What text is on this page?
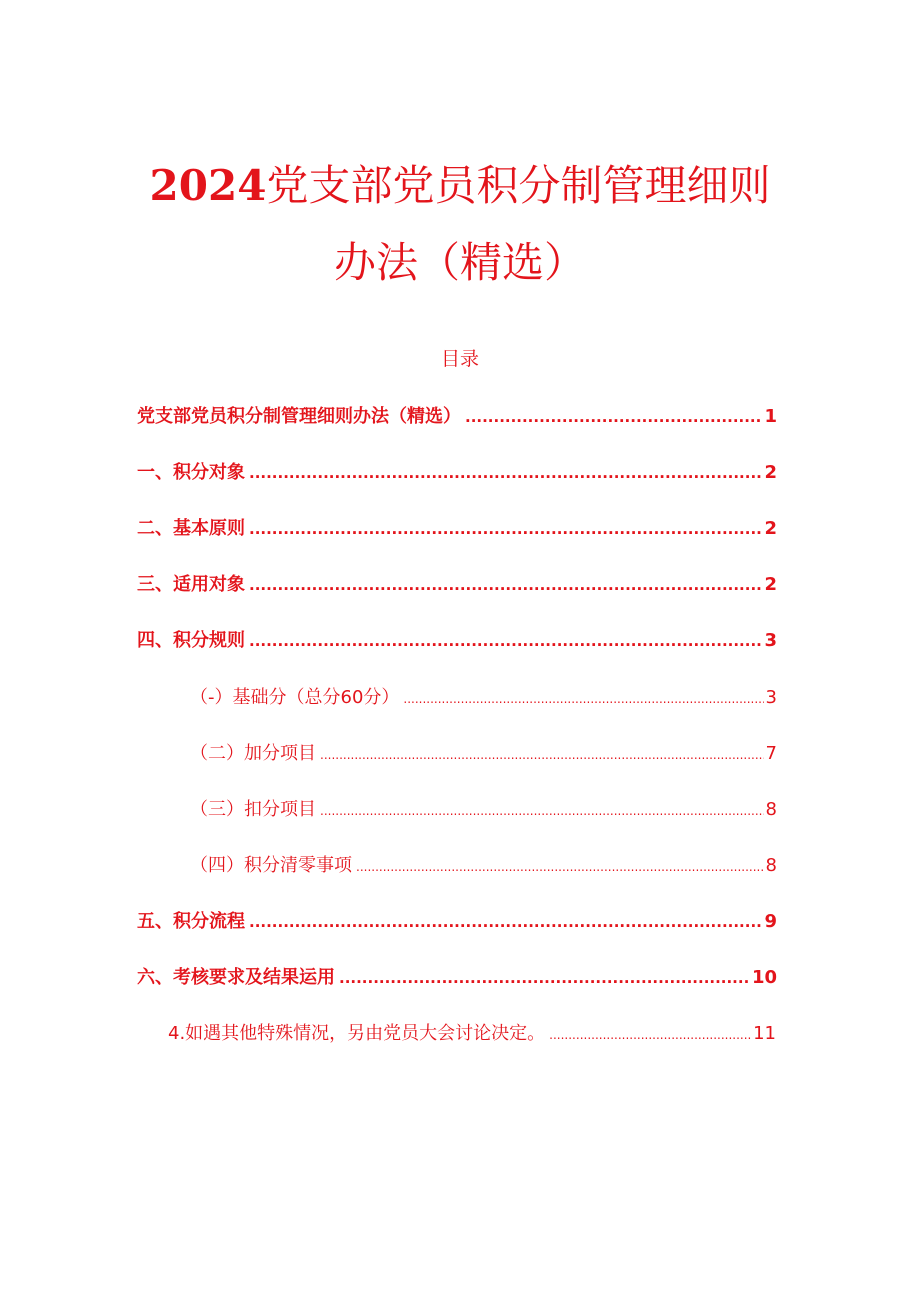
2024党支部党员积分制管理细则
办法（精选）
目录
党支部党员积分制管理细则办法（精选） .....	1
一、积分对象 .....	2
二、基本原则 .....	2
三、适用对象 .....	2
四、积分规则 .....	3
（-）基础分（总分60分） .....	3
（二）加分项目 .....	7
（三）扣分项目 .....	8
（四）积分清零事项 .....	8
五、积分流程 .....	9
六、考核要求及结果运用 .....	10
4.如遇其他特殊情况，另由党员大会讨论决定。 .....	11
